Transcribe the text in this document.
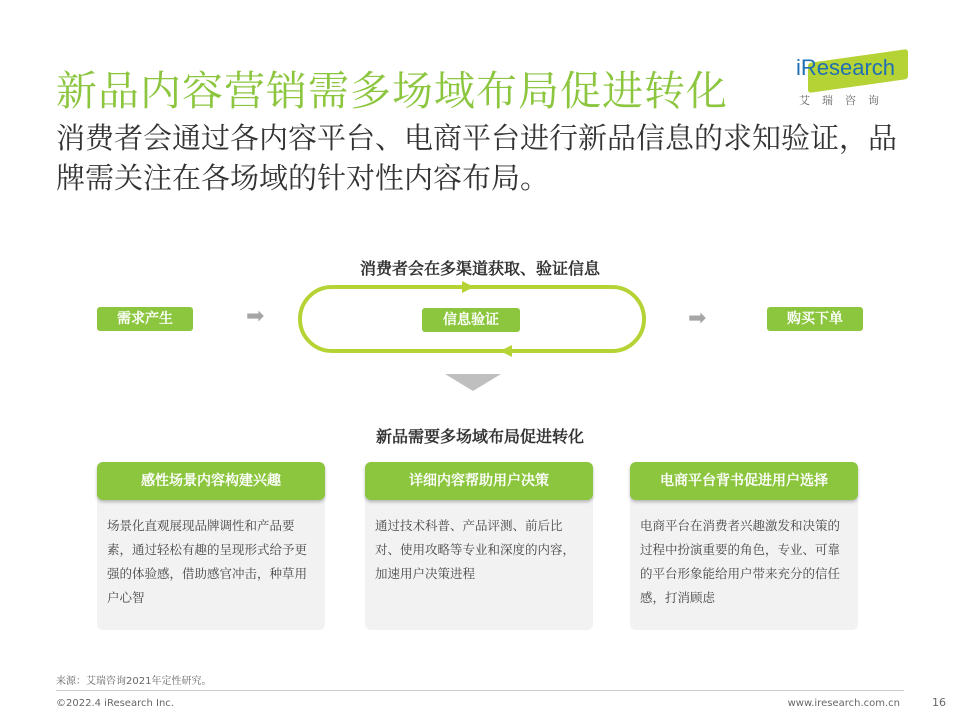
新品内容营销需多场域布局促进转化	iResearch
艾瑞咨询
消费者会通过各内容平台、电商平台进行新品信息的求知验证，品牌需关注在各场域的针对性内容布局。
消费者会在多渠道获取、验证信息
需求产生	➡	信息验证	➡	购买下单
新品需要多场域布局促进转化
感性场景内容构建兴趣
场景化直观展现品牌调性和产品要素，通过轻松有趣的呈现形式给予更强的体验感，借助感官冲击，种草用户心智
详细内容帮助用户决策
通过技术科普、产品评测、前后比对、使用攻略等专业和深度的内容，加速用户决策进程
电商平台背书促进用户选择
电商平台在消费者兴趣激发和决策的过程中扮演重要的角色，专业、可靠的平台形象能给用户带来充分的信任感，打消顾虑
来源：艾瑞咨询2021年定性研究。
©2022.4 iResearch Inc.	www.iresearch.com.cn	16
